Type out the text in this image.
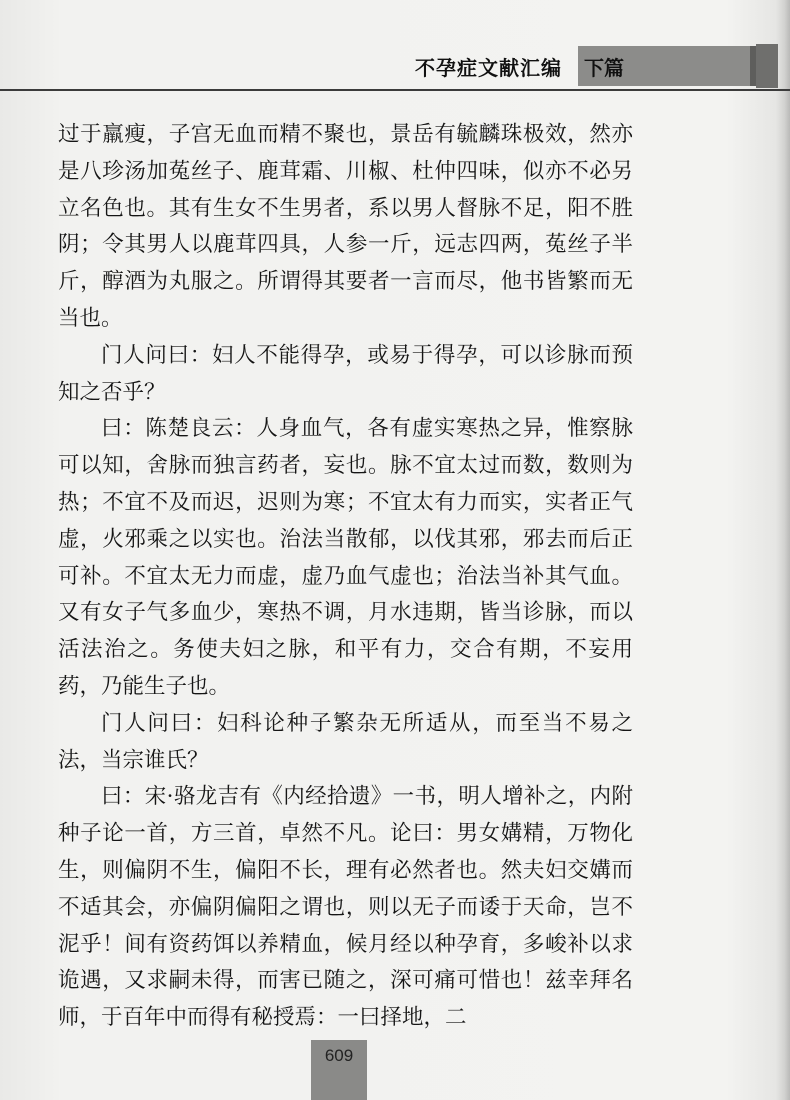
不孕症文献汇编 下篇

过于羸瘦，子宫无血而精不聚也，景岳有毓麟珠极效，然亦是八珍汤加菟丝子、鹿茸霜、川椒、杜仲四味，似亦不必另立名色也。其有生女不生男者，系以男人督脉不足，阳不胜阴；令其男人以鹿茸四具，人参一斤，远志四两，菟丝子半斤，醇酒为丸服之。所谓得其要者一言而尽，他书皆繁而无当也。

门人问曰：妇人不能得孕，或易于得孕，可以诊脉而预知之否乎？

曰：陈楚良云：人身血气，各有虚实寒热之异，惟察脉可以知，舍脉而独言药者，妄也。脉不宜太过而数，数则为热；不宜不及而迟，迟则为寒；不宜太有力而实，实者正气虚，火邪乘之以实也。治法当散郁，以伐其邪，邪去而后正可补。不宜太无力而虚，虚乃血气虚也；治法当补其气血。又有女子气多血少，寒热不调，月水违期，皆当诊脉，而以活法治之。务使夫妇之脉，和平有力，交合有期，不妄用药，乃能生子也。

门人问曰：妇科论种子繁杂无所适从，而至当不易之法，当宗谁氏？

曰：宋·骆龙吉有《内经拾遗》一书，明人增补之，内附种子论一首，方三首，卓然不凡。论曰：男女媾精，万物化生，则偏阴不生，偏阳不长，理有必然者也。然夫妇交媾而不适其会，亦偏阴偏阳之谓也，则以无子而诿于天命，岂不泥乎！间有资药饵以养精血，候月经以种孕育，多峻补以求诡遇，又求嗣未得，而害已随之，深可痛可惜也！兹幸拜名师，于百年中而得有秘授焉：一曰择地，二

609
